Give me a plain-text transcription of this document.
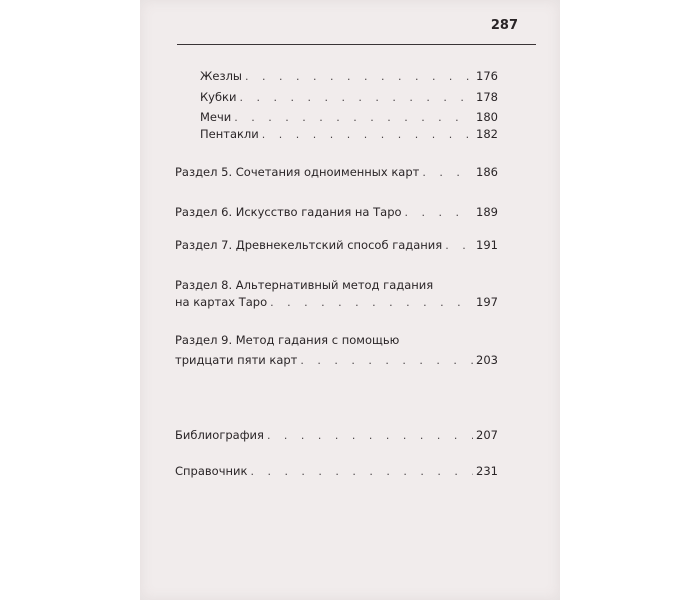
287
Жезлы . . .	176
Кубки . . .	178
Мечи . . .	180
Пентакли . . .	182
Раздел 5. Сочетания одноименных карт . . .	186
Раздел 6. Искусство гадания на Таро . . .	189
Раздел 7. Древнекельтский способ гадания . . .	191
Раздел 8. Альтернативный метод гадания
на картах Таро . . .	197
Раздел 9. Метод гадания с помощью
тридцати пяти карт . . .	203
Библиография . . .	207
Справочник . . .	231
